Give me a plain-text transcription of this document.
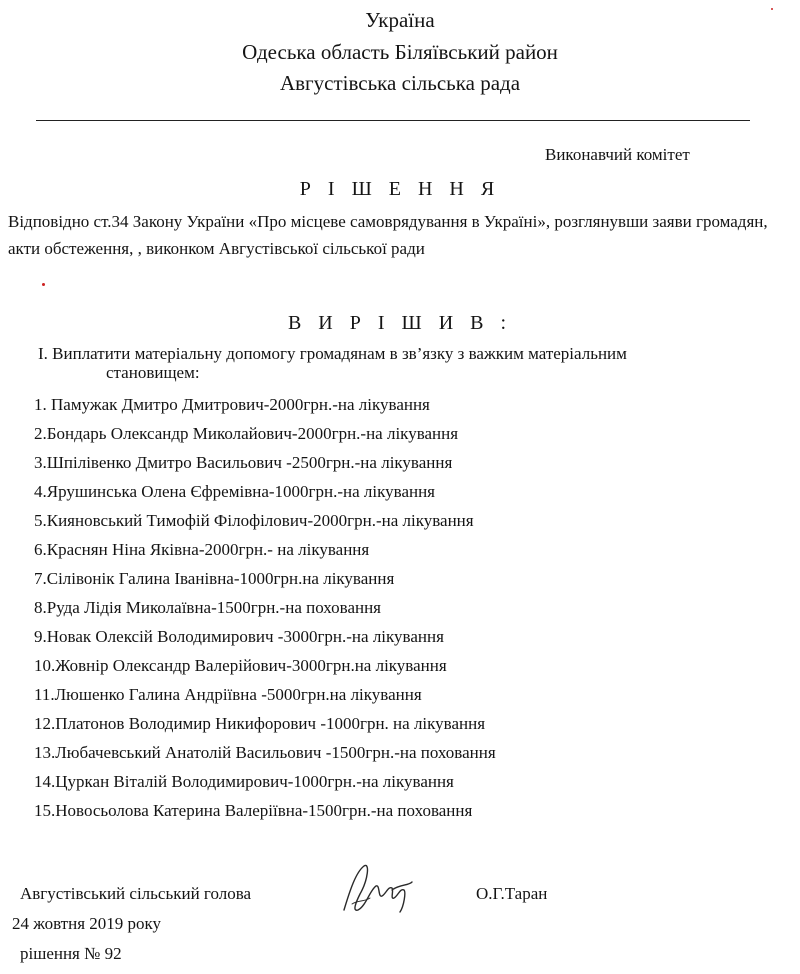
Україна
Одеська область Біляївський район
Августівська сільська рада
Виконавчий комітет
Р І Ш Е Н Н Я
Відповідно ст.34 Закону України «Про місцеве самоврядування в Україні», розглянувши заяви громадян, акти обстеження, , виконком Августівської сільської ради
В И Р І Ш И В :
І. Виплатити матеріальну допомогу громадянам в зв’язку з важким матеріальним
становищем:
1. Памужак Дмитро Дмитрович-2000грн.-на лікування
2.Бондарь Олександр Миколайович-2000грн.-на лікування
3.Шпілівенко Дмитро Васильович -2500грн.-на лікування
4.Ярушинська Олена Єфремівна-1000грн.-на лікування
5.Кияновський Тимофій Філофілович-2000грн.-на лікування
6.Краснян Ніна Яківна-2000грн.- на лікування
7.Сілівонік Галина Іванівна-1000грн.на лікування
8.Руда Лідія Миколаївна-1500грн.-на поховання
9.Новак Олексій Володимирович -3000грн.-на лікування
10.Жовнір Олександр Валерійович-3000грн.на лікування
11.Люшенко Галина Андріївна -5000грн.на лікування
12.Платонов Володимир Никифорович -1000грн. на лікування
13.Любачевський Анатолій Васильович -1500грн.-на поховання
14.Цуркан Віталій Володимирович-1000грн.-на лікування
15.Новосьолова Катерина Валеріївна-1500грн.-на поховання
Августівський сільський голова	О.Г.Таран
24 жовтня 2019 року
рішення № 92
